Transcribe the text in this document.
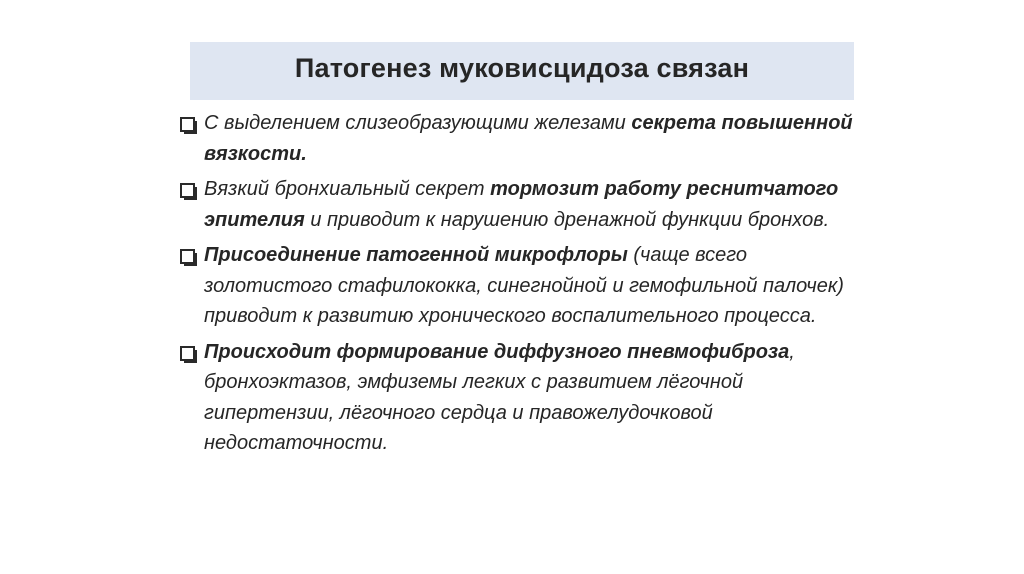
Патогенез муковисцидоза связан
С выделением слизеобразующими железами секрета повышенной вязкости.
Вязкий бронхиальный секрет тормозит работу реснитчатого эпителия и приводит к нарушению дренажной функции бронхов.
Присоединение патогенной микрофлоры (чаще всего золотистого стафилококка, синегнойной и гемофильной палочек) приводит к развитию хронического воспалительного процесса.
Происходит формирование диффузного пневмофиброза, бронхоэктазов, эмфиземы легких с развитием лёгочной гипертензии, лёгочного сердца и правожелудочковой недостаточности.
